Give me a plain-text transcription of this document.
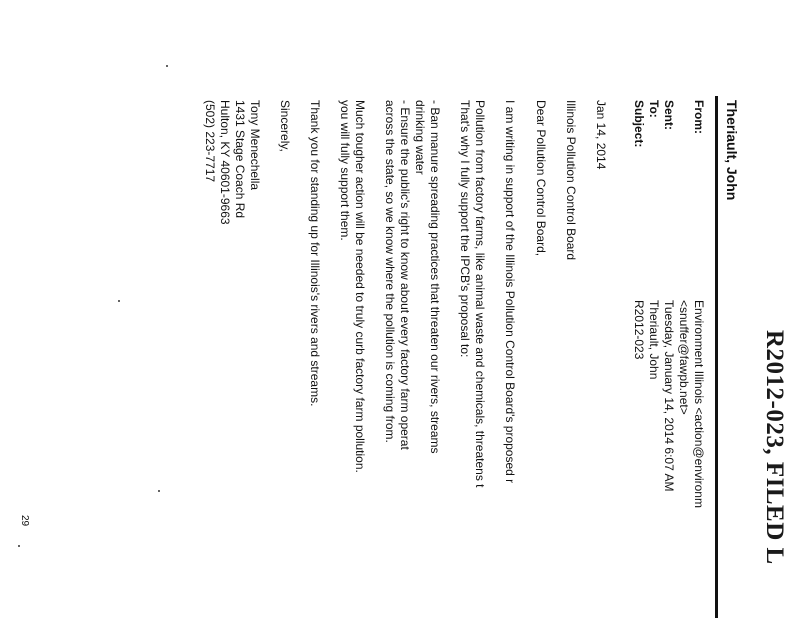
R2012-023, FILED L
Theriault, John
From:
Environment Illinois <action@environm
<snuffer@fawpb.net>
Sent:
Tuesday, January 14, 2014 6:07 AM
To:
Theriault, John
Subject:
R2012-023
Jan 14, 2014
Illinois Pollution Control Board
Dear Pollution Control Board,
I am writing in support of the Illinois Pollution Control Board's proposed r
Pollution from factory farms, like animal waste and chemicals, threatens t
That's why I fully support the IPCB's proposal to:
- Ban manure spreading practices that threaten our rivers, streams
drinking water
- Ensure the public's right to know about every factory farm operat
across the state, so we know where the pollution is coming from.
Much tougher action will be needed to truly curb factory farm pollution.
you will fully support them.
Thank you for standing up for Illinois's rivers and streams.
Sincerely,
Tony Menechella
1431 Stage Coach Rd
Hulton, KY 40601-9663
(502) 223-7717
29
